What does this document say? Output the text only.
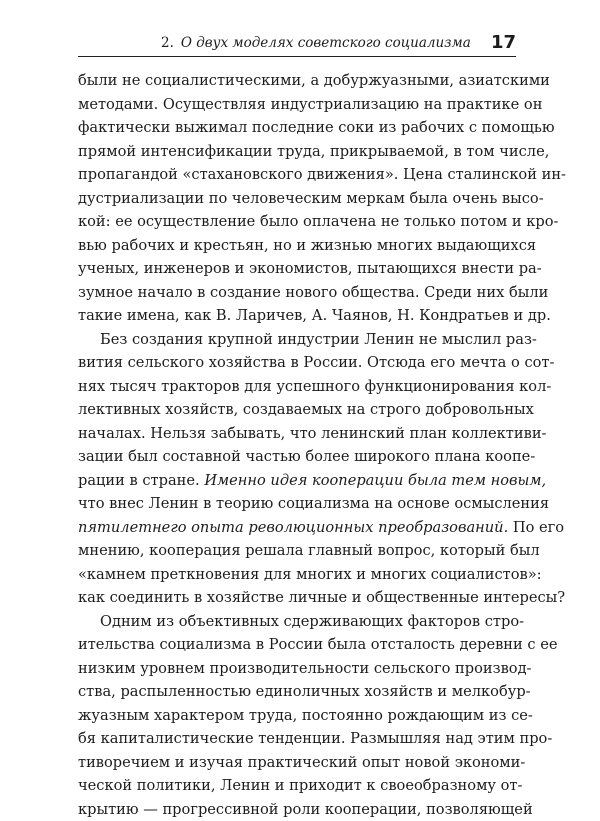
2. О двух моделях советского социализма 17
были не социалистическими, а добуржуазными, азиатскими
методами. Осуществляя индустриализацию на практике он
фактически выжимал последние соки из рабочих с помощью
прямой интенсификации труда, прикрываемой, в том числе,
пропагандой «стахановского движения». Цена сталинской ин-
дустриализации по человеческим меркам была очень высо-
кой: ее осуществление было оплачена не только потом и кро-
вью рабочих и крестьян, но и жизнью многих выдающихся
ученых, инженеров и экономистов, пытающихся внести ра-
зумное начало в создание нового общества. Среди них были
такие имена, как В. Ларичев, А. Чаянов, Н. Кондратьев и др.
Без создания крупной индустрии Ленин не мыслил раз-
вития сельского хозяйства в России. Отсюда его мечта о сот-
нях тысяч тракторов для успешного функционирования кол-
лективных хозяйств, создаваемых на строго добровольных
началах. Нельзя забывать, что ленинский план коллективи-
зации был составной частью более широкого плана коопе-
рации в стране. Именно идея кооперации была тем новым,
что внес Ленин в теорию социализма на основе осмысления
пятилетнего опыта революционных преобразований. По его
мнению, кооперация решала главный вопрос, который был
«камнем преткновения для многих и многих социалистов»:
как соединить в хозяйстве личные и общественные интересы?
Одним из объективных сдерживающих факторов стро-
ительства социализма в России была отсталость деревни с ее
низким уровнем производительности сельского производ-
ства, распыленностью единоличных хозяйств и мелкобур-
жуазным характером труда, постоянно рождающим из се-
бя капиталистические тенденции. Размышляя над этим про-
тиворечием и изучая практический опыт новой экономи-
ческой политики, Ленин и приходит к своеобразному от-
крытию — прогрессивной роли кооперации, позволяющей
